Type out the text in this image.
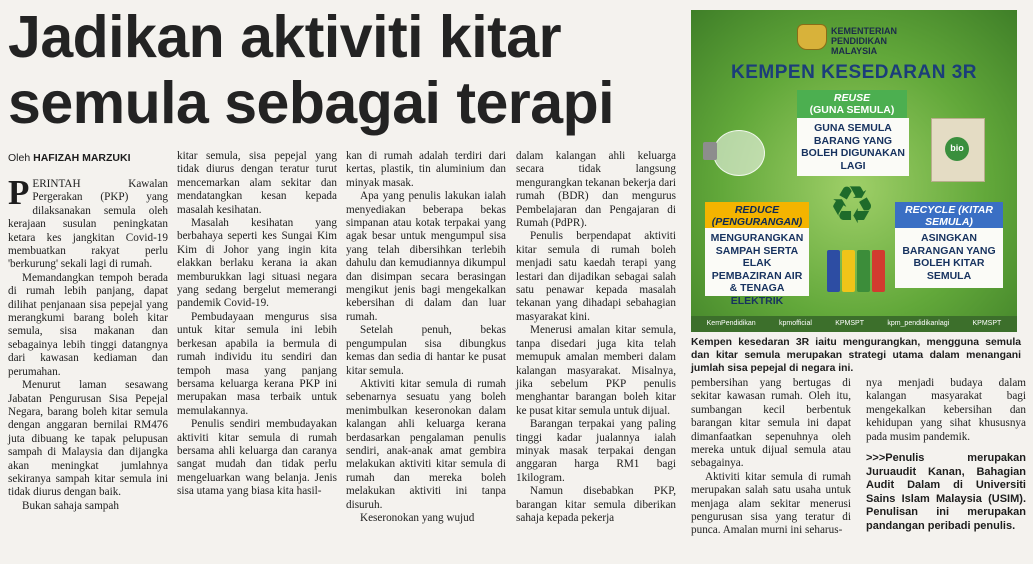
Jadikan aktiviti kitar
semula sebagai terapi
Oleh HAFIZAH MARZUKI

PERINTAH Kawalan Pergerakan (PKP) yang dilaksanakan semula oleh kerajaan susulan peningkatan ketara kes jangkitan Covid-19 membuatkan rakyat perlu 'berkurung' sekali lagi di rumah.

Memandangkan tempoh berada di rumah lebih panjang, dapat dilihat penjanaan sisa pepejal yang merangkumi barang boleh kitar semula, sisa makanan dan sebagainya lebih tinggi datangnya dari kawasan kediaman dan perumahan.

Menurut laman sesawang Jabatan Pengurusan Sisa Pepejal Negara, barang boleh kitar semula dengan anggaran bernilai RM476 juta dibuang ke tapak pelupusan sampah di Malaysia dan dijangka akan meningkat jumlahnya sekiranya sampah kitar semula ini tidak diurus dengan baik.

Bukan sahaja sampah

kitar semula, sisa pepejal yang tidak diurus dengan teratur turut mencemarkan alam sekitar dan mendatangkan kesan kepada masalah kesihatan.

Masalah kesihatan yang berbahaya seperti kes Sungai Kim Kim di Johor yang ingin kita elakkan berlaku kerana ia akan memburukkan lagi situasi negara yang sedang bergelut memerangi pandemik Covid-19.

Pembudayaan mengurus sisa untuk kitar semula ini lebih berkesan apabila ia bermula di rumah individu itu sendiri dan tempoh masa yang panjang bersama keluarga kerana PKP ini merupakan masa terbaik untuk memulakannya.

Penulis sendiri membudayakan aktiviti kitar semula di rumah bersama ahli keluarga dan caranya sangat mudah dan tidak perlu mengeluarkan wang belanja. Jenis sisa utama yang biasa kita hasil-

kan di rumah adalah terdiri dari kertas, plastik, tin aluminium dan minyak masak.

Apa yang penulis lakukan ialah menyediakan beberapa bekas simpanan atau kotak terpakai yang agak besar untuk mengumpul sisa yang telah dibersihkan terlebih dahulu dan kemudiannya dikumpul dan disimpan secara berasingan mengikut jenis bagi mengekalkan kebersihan di dalam dan luar rumah.

Setelah penuh, bekas pengumpulan sisa dibungkus kemas dan sedia di hantar ke pusat kitar semula.

Aktiviti kitar semula di rumah sebenarnya sesuatu yang boleh menimbulkan keseronokan dalam kalangan ahli keluarga kerana berdasarkan pengalaman penulis sendiri, anak-anak amat gembira melakukan aktiviti kitar semula di rumah dan mereka boleh melakukan aktiviti ini tanpa disuruh.

Keseronokan yang wujud

dalam kalangan ahli keluarga secara tidak langsung mengurangkan tekanan bekerja dari rumah (BDR) dan mengurus Pembelajaran dan Pengajaran di Rumah (PdPR).

Penulis berpendapat aktiviti kitar semula di rumah boleh menjadi satu kaedah terapi yang lestari dan dijadikan sebagai salah satu penawar kepada masalah tekanan yang dihadapi sebahagian masyarakat kini.

Menerusi amalan kitar semula, tanpa disedari juga kita telah memupuk amalan memberi dalam kalangan masyarakat. Misalnya, jika sebelum PKP penulis menghantar barangan boleh kitar ke pusat kitar semula untuk dijual.

Barangan terpakai yang paling tinggi kadar jualannya ialah minyak masak terpakai dengan anggaran harga RM1 bagi 1kilogram.

Namun disebabkan PKP, barangan kitar semula diberikan sahaja kepada pekerja

KEMENTERIAN
PENDIDIKAN
MALAYSIA
KEMPEN KESEDARAN 3R
REUSE
(GUNA SEMULA)
GUNA SEMULA BARANG YANG BOLEH DIGUNAKAN LAGI
bio
♻
REDUCE (PENGURANGAN)
MENGURANGKAN SAMPAH SERTA ELAK PEMBAZIRAN AIR & TENAGA ELEKTRIK
RECYCLE (KITAR SEMULA)
ASINGKAN BARANGAN YANG BOLEH KITAR SEMULA
KemPendidikan	kpmofficial	KPMSPT	kpm_pendidikanlagi	KPMSPT
Kempen kesedaran 3R iaitu mengurangkan, mengguna semula dan kitar semula merupakan strategi utama dalam menangani jumlah sisa pepejal di negara ini.

pembersihan yang bertugas di sekitar kawasan rumah. Oleh itu, sumbangan kecil berbentuk barangan kitar semula ini dapat dimanfaatkan sepenuhnya oleh mereka untuk dijual semula atau sebagainya.

Aktiviti kitar semula di rumah merupakan salah satu usaha untuk menjaga alam sekitar menerusi pengurusan sisa yang teratur di punca. Amalan murni ini seharus-

nya menjadi budaya dalam kalangan masyarakat bagi mengekalkan kebersihan dan kehidupan yang sihat khususnya pada musim pandemik.

>>>Penulis merupakan Juruaudit Kanan, Bahagian Audit Dalam di Universiti Sains Islam Malaysia (USIM). Penulisan ini merupakan pandangan peribadi penulis.
